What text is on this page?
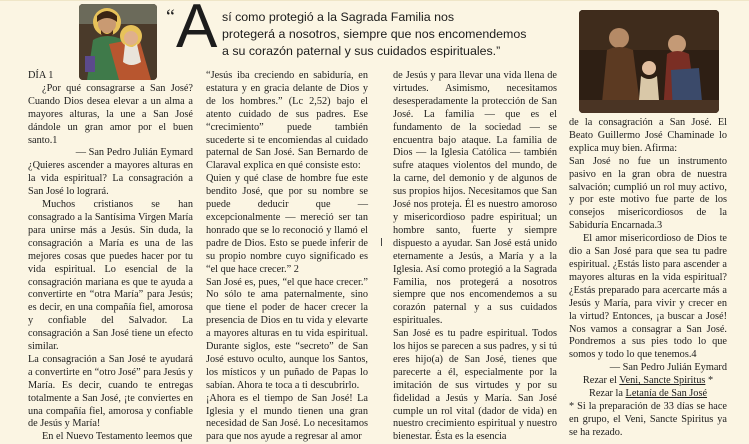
“ A sí como protegió a la Sagrada Familia nos
protegerá a nosotros, siempre que nos encomendemos
a su corazón paternal y sus cuidados espirituales.”

DÍA 1

¿Por qué consagrarse a San José? Cuando Dios desea elevar a un alma a mayores alturas, la une a San José dándole un gran amor por el buen santo.1

— San Pedro Julián Eymard

¿Quieres ascender a mayores alturas en la vida espiritual? La consagración a San José lo logrará.

Muchos cristianos se han consagrado a la Santísima Virgen María para unirse más a Jesús. Sin duda, la consagración a María es una de las mejores cosas que puedes hacer por tu vida espiritual. Lo esencial de la consagración mariana es que te ayuda a convertirte en “otra María” para Jesús; es decir, en una compañía fiel, amorosa y confiable del Salvador. La consagración a San José tiene un efecto similar.

La consagración a San José te ayudará a convertirte en “otro José” para Jesús y María. Es decir, cuando te entregas totalmente a San José, ¡te conviertes en una compañía fiel, amorosa y confiable de Jesús y María!

En el Nuevo Testamento leemos que

“Jesús iba creciendo en sabiduría, en estatura y en gracia delante de Dios y de los hombres.” (Lc 2,52) bajo el atento cuidado de sus padres. Ese “crecimiento” puede también sucederte si te encomiendas al cuidado paternal de San José. San Bernardo de Claraval explica en qué consiste esto:

Quien y qué clase de hombre fue este bendito José, que por su nombre se puede deducir que — excepcionalmente — mereció ser tan honrado que se lo reconoció y llamó el padre de Dios. Esto se puede inferir de su propio nombre cuyo significado es “el que hace crecer.” 2

San José es, pues, “el que hace crecer.” No sólo te ama paternalmente, sino que tiene el poder de hacer crecer la presencia de Dios en tu vida y elevarte a mayores alturas en tu vida espiritual. Durante siglos, este “secreto” de San José estuvo oculto, aunque los Santos, los místicos y un puñado de Papas lo sabían. Ahora te toca a ti descubrirlo.

¡Ahora es el tiempo de San José! La Iglesia y el mundo tienen una gran necesidad de San José. Lo necesitamos para que nos ayude a regresar al amor

de Jesús y para llevar una vida llena de virtudes. Asimismo, necesitamos desesperadamente la protección de San José. La familia — que es el fundamento de la sociedad — se encuentra bajo ataque. La familia de Dios — la Iglesia Católica — también sufre ataques violentos del mundo, de la carne, del demonio y de algunos de sus propios hijos. Necesitamos que San José nos proteja. Él es nuestro amoroso y misericordioso padre espiritual; un hombre santo, fuerte y siempre dispuesto a ayudar. San José está unido eternamente a Jesús, a María y a la Iglesia. Así como protegió a la Sagrada Familia, nos protegerá a nosotros siempre que nos encomendemos a su corazón paternal y a sus cuidados espirituales.

San José es tu padre espiritual. Todos los hijos se parecen a sus padres, y si tú eres hijo(a) de San José, tienes que parecerte a él, especialmente por la imitación de sus virtudes y por su fidelidad a Jesús y María. San José cumple un rol vital (dador de vida) en nuestro crecimiento espiritual y nuestro bienestar. Ésta es la esencia

de la consagración a San José. El Beato Guillermo José Chaminade lo explica muy bien. Afirma:

San José no fue un instrumento pasivo en la gran obra de nuestra salvación; cumplió un rol muy activo, y por este motivo fue parte de los consejos misericordiosos de la Sabiduría Encarnada.3

El amor misericordioso de Dios te dio a San José para que sea tu padre espiritual. ¿Estás listo para ascender a mayores alturas en la vida espiritual? ¿Estás preparado para acercarte más a Jesús y María, para vivir y crecer en la virtud? Entonces, ¡a buscar a José! Nos vamos a consagrar a San José. Pondremos a sus pies todo lo que somos y todo lo que tenemos.4

— San Pedro Julián Eymard

Rezar el Veni, Sancte Spiritus *

Rezar la Letanía de San José

* Si la preparación de 33 días se hace en grupo, el Veni, Sancte Spiritus ya se ha rezado.
